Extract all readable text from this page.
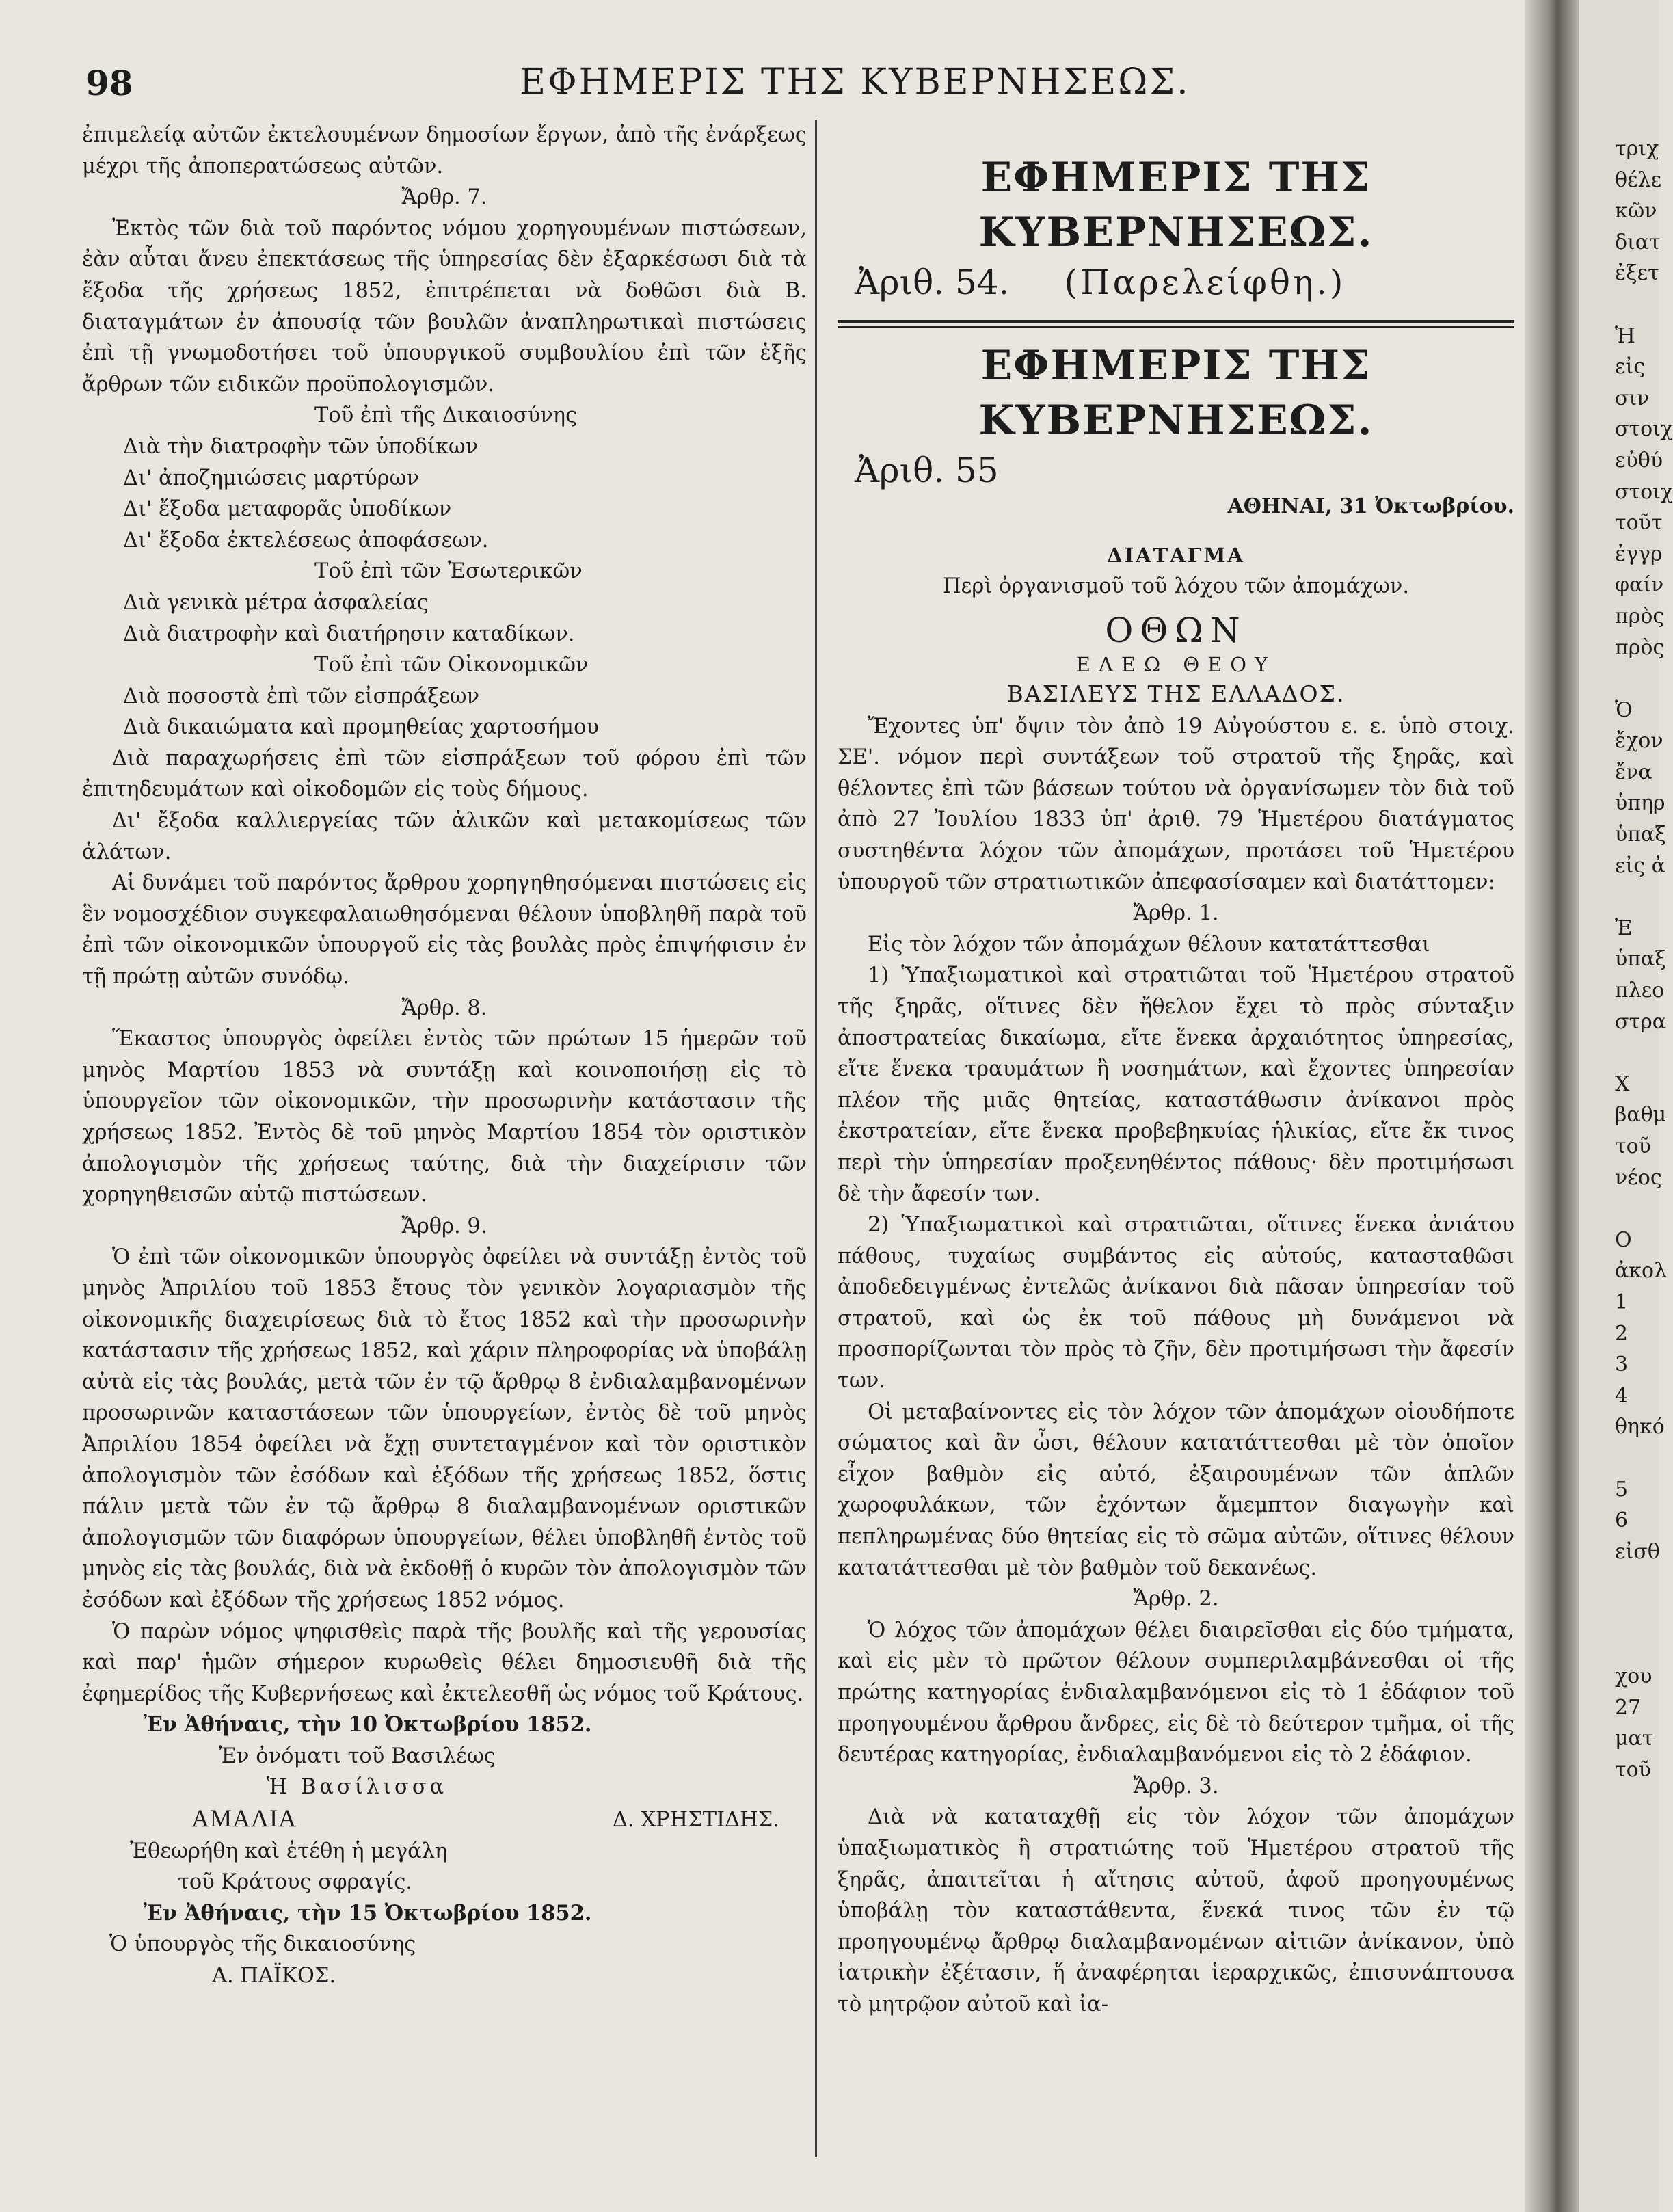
98	ΕΦΗΜΕΡΙΣ ΤΗΣ ΚΥΒΕΡΝΗΣΕΩΣ.

ἐπιμελείᾳ αὐτῶν ἐκτελουμένων δημοσίων ἔργων, ἀπὸ τῆς ἐνάρξεως μέχρι τῆς ἀποπερατώσεως αὐτῶν.

Ἄρθρ. 7.

Ἐκτὸς τῶν διὰ τοῦ παρόντος νόμου χορηγουμένων πιστώσεων, ἐὰν αὗται ἄνευ ἐπεκτάσεως τῆς ὑπηρεσίας δὲν ἐξαρκέσωσι διὰ τὰ ἔξοδα τῆς χρήσεως 1852, ἐπιτρέπεται νὰ δοθῶσι διὰ Β. διαταγμάτων ἐν ἀπουσίᾳ τῶν βουλῶν ἀναπληρωτικαὶ πιστώσεις ἐπὶ τῇ γνωμοδοτήσει τοῦ ὑπουργικοῦ συμβουλίου ἐπὶ τῶν ἑξῆς ἄρθρων τῶν ειδικῶν προϋπολογισμῶν.

Τοῦ ἐπὶ τῆς Δικαιοσύνης

Διὰ τὴν διατροφὴν τῶν ὑποδίκων

Δι' ἀποζημιώσεις μαρτύρων

Δι' ἔξοδα μεταφορᾶς ὑποδίκων

Δι' ἔξοδα ἐκτελέσεως ἀποφάσεων.

Τοῦ ἐπὶ τῶν Ἐσωτερικῶν

Διὰ γενικὰ μέτρα ἀσφαλείας

Διὰ διατροφὴν καὶ διατήρησιν καταδίκων.

Τοῦ ἐπὶ τῶν Οἰκονομικῶν

Διὰ ποσοστὰ ἐπὶ τῶν εἰσπράξεων

Διὰ δικαιώματα καὶ προμηθείας χαρτοσήμου

Διὰ παραχωρήσεις ἐπὶ τῶν εἰσπράξεων τοῦ φόρου ἐπὶ τῶν ἐπιτηδευμάτων καὶ οἰκοδομῶν εἰς τοὺς δήμους.

Δι' ἔξοδα καλλιεργείας τῶν ἁλικῶν καὶ μετακομίσεως τῶν ἁλάτων.

Αἱ δυνάμει τοῦ παρόντος ἄρθρου χορηγηθησόμεναι πιστώσεις εἰς ἓν νομοσχέδιον συγκεφαλαιωθησόμεναι θέλουν ὑποβληθῆ παρὰ τοῦ ἐπὶ τῶν οἰκονομικῶν ὑπουργοῦ εἰς τὰς βουλὰς πρὸς ἐπιψήφισιν ἐν τῇ πρώτῃ αὐτῶν συνόδῳ.

Ἄρθρ. 8.

Ἕκαστος ὑπουργὸς ὀφείλει ἐντὸς τῶν πρώτων 15 ἡμερῶν τοῦ μηνὸς Μαρτίου 1853 νὰ συντάξῃ καὶ κοινοποιήσῃ εἰς τὸ ὑπουργεῖον τῶν οἰκονομικῶν, τὴν προσωρινὴν κατάστασιν τῆς χρήσεως 1852. Ἐντὸς δὲ τοῦ μηνὸς Μαρτίου 1854 τὸν οριστικὸν ἀπολογισμὸν τῆς χρήσεως ταύτης, διὰ τὴν διαχείρισιν τῶν χορηγηθεισῶν αὐτῷ πιστώσεων.

Ἄρθρ. 9.

Ὁ ἐπὶ τῶν οἰκονομικῶν ὑπουργὸς ὀφείλει νὰ συντάξῃ ἐντὸς τοῦ μηνὸς Ἀπριλίου τοῦ 1853 ἔτους τὸν γενικὸν λογαριασμὸν τῆς οἰκονομικῆς διαχειρίσεως διὰ τὸ ἔτος 1852 καὶ τὴν προσωρινὴν κατάστασιν τῆς χρήσεως 1852, καὶ χάριν πληροφορίας νὰ ὑποβάλῃ αὐτὰ εἰς τὰς βουλάς, μετὰ τῶν ἐν τῷ ἄρθρῳ 8 ἐνδιαλαμβανομένων προσωρινῶν καταστάσεων τῶν ὑπουργείων, ἐντὸς δὲ τοῦ μηνὸς Ἀπριλίου 1854 ὀφείλει νὰ ἔχῃ συντεταγμένον καὶ τὸν οριστικὸν ἀπολογισμὸν τῶν ἐσόδων καὶ ἐξόδων τῆς χρήσεως 1852, ὅστις πάλιν μετὰ τῶν ἐν τῷ ἄρθρῳ 8 διαλαμβανομένων οριστικῶν ἀπολογισμῶν τῶν διαφόρων ὑπουργείων, θέλει ὑποβληθῆ ἐντὸς τοῦ μηνὸς εἰς τὰς βουλάς, διὰ νὰ ἐκδοθῇ ὁ κυρῶν τὸν ἀπολογισμὸν τῶν ἐσόδων καὶ ἐξόδων τῆς χρήσεως 1852 νόμος.

Ὁ παρὼν νόμος ψηφισθεὶς παρὰ τῆς βουλῆς καὶ τῆς γερουσίας καὶ παρ' ἡμῶν σήμερον κυρωθεὶς θέλει δημοσιευθῆ διὰ τῆς ἐφημερίδος τῆς Κυβερνήσεως καὶ ἐκτελεσθῆ ὡς νόμος τοῦ Κράτους.

Ἐν Ἀθήναις, τὴν 10 Ὀκτωβρίου 1852.

Ἐν ὀνόματι τοῦ Βασιλέως

Ἡ Βασίλισσα

ΑΜΑΛΙΑ	Δ. ΧΡΗΣΤΙΔΗΣ.

Ἐθεωρήθη καὶ ἐτέθη ἡ μεγάλη

τοῦ Κράτους σφραγίς.

Ἐν Ἀθήναις, τὴν 15 Ὀκτωβρίου 1852.

Ὁ ὑπουργὸς τῆς δικαιοσύνης

Α. ΠΑΪΚΟΣ.

ΕΦΗΜΕΡΙΣ ΤΗΣ ΚΥΒΕΡΝΗΣΕΩΣ.

Ἀριθ. 54. (Παρελείφθη.)

ΕΦΗΜΕΡΙΣ ΤΗΣ ΚΥΒΕΡΝΗΣΕΩΣ.

Ἀριθ. 55

ΑΘΗΝΑΙ, 31 Ὀκτωβρίου.

ΔΙΑΤΑΓΜΑ

Περὶ ὀργανισμοῦ τοῦ λόχου τῶν ἀπομάχων.

ΟΘΩΝ

ΕΛΕΩ ΘΕΟΥ

ΒΑΣΙΛΕΥΣ ΤΗΣ ΕΛΛΑΔΟΣ.

Ἔχοντες ὑπ' ὄψιν τὸν ἀπὸ 19 Αὐγούστου ε. ε. ὑπὸ στοιχ. ΣΕ'. νόμον περὶ συντάξεων τοῦ στρατοῦ τῆς ξηρᾶς, καὶ θέλοντες ἐπὶ τῶν βάσεων τούτου νὰ ὀργανίσωμεν τὸν διὰ τοῦ ἀπὸ 27 Ἰουλίου 1833 ὑπ' ἀριθ. 79 Ἡμετέρου διατάγματος συστηθέντα λόχον τῶν ἀπομάχων, προτάσει τοῦ Ἡμετέρου ὑπουργοῦ τῶν στρατιωτικῶν ἀπεφασίσαμεν καὶ διατάττομεν:

Ἄρθρ. 1.

Εἰς τὸν λόχον τῶν ἀπομάχων θέλουν κατατάττεσθαι

1) Ὑπαξιωματικοὶ καὶ στρατιῶται τοῦ Ἡμετέρου στρατοῦ τῆς ξηρᾶς, οἵτινες δὲν ἤθελον ἔχει τὸ πρὸς σύνταξιν ἀποστρατείας δικαίωμα, εἴτε ἕνεκα ἀρχαιότητος ὑπηρεσίας, εἴτε ἕνεκα τραυμάτων ἢ νοσημάτων, καὶ ἔχοντες ὑπηρεσίαν πλέον τῆς μιᾶς θητείας, καταστάθωσιν ἀνίκανοι πρὸς ἐκστρατείαν, εἴτε ἕνεκα προβεβηκυίας ἡλικίας, εἴτε ἔκ τινος περὶ τὴν ὑπηρεσίαν προξενηθέντος πάθους· δὲν προτιμήσωσι δὲ τὴν ἄφεσίν των.

2) Ὑπαξιωματικοὶ καὶ στρατιῶται, οἵτινες ἕνεκα ἀνιάτου πάθους, τυχαίως συμβάντος εἰς αὐτούς, κατασταθῶσι ἀποδεδειγμένως ἐντελῶς ἀνίκανοι διὰ πᾶσαν ὑπηρεσίαν τοῦ στρατοῦ, καὶ ὡς ἐκ τοῦ πάθους μὴ δυνάμενοι νὰ προσπορίζωνται τὸν πρὸς τὸ ζῆν, δὲν προτιμήσωσι τὴν ἄφεσίν των.

Οἱ μεταβαίνοντες εἰς τὸν λόχον τῶν ἀπομάχων οἱουδήποτε σώματος καὶ ἂν ὦσι, θέλουν κατατάττεσθαι μὲ τὸν ὁποῖον εἶχον βαθμὸν εἰς αὐτό, ἐξαιρουμένων τῶν ἁπλῶν χωροφυλάκων, τῶν ἐχόντων ἄμεμπτον διαγωγὴν καὶ πεπληρωμένας δύο θητείας εἰς τὸ σῶμα αὐτῶν, οἵτινες θέλουν κατατάττεσθαι μὲ τὸν βαθμὸν τοῦ δεκανέως.

Ἄρθρ. 2.

Ὁ λόχος τῶν ἀπομάχων θέλει διαιρεῖσθαι εἰς δύο τμήματα, καὶ εἰς μὲν τὸ πρῶτον θέλουν συμπεριλαμβάνεσθαι οἱ τῆς πρώτης κατηγορίας ἐνδιαλαμβανόμενοι εἰς τὸ 1 ἐδάφιον τοῦ προηγουμένου ἄρθρου ἄνδρες, εἰς δὲ τὸ δεύτερον τμῆμα, οἱ τῆς δευτέρας κατηγορίας, ἐνδιαλαμβανόμενοι εἰς τὸ 2 ἐδάφιον.

Ἄρθρ. 3.

Διὰ νὰ καταταχθῇ εἰς τὸν λόχον τῶν ἀπομάχων ὑπαξιωματικὸς ἢ στρατιώτης τοῦ Ἡμετέρου στρατοῦ τῆς ξηρᾶς, ἀπαιτεῖται ἡ αἴτησις αὐτοῦ, ἀφοῦ προηγουμένως ὑποβάλῃ τὸν καταστάθεντα, ἕνεκά τινος τῶν ἐν τῷ προηγουμένῳ ἄρθρῳ διαλαμβανομένων αἰτιῶν ἀνίκανον, ὑπὸ ἰατρικὴν ἐξέτασιν, ἥ ἀναφέρηται ἱεραρχικῶς, ἐπισυνάπτουσα τὸ μητρῷον αὐτοῦ καὶ ἰα-

τριχ
θέλε
κῶν
διατ
ἐξετ

Ἡ
εἰς
σιν
στοιχ
εὐθύ
στοιχ
τοῦτ
ἐγγρ
φαίν
πρὸς
πρὸς

Ὁ
ἔχον
ἔνα
ὑπηρ
ὑπαξ
εἰς ἀ

Ἐ
ὑπαξ
πλεο
στρα

Χ
βαθμ
τοῦ
νέος

Ο
ἀκολ
1
2
3
4
θηκό

5
6
εἰσθ

χου
27
ματ
τοῦ
